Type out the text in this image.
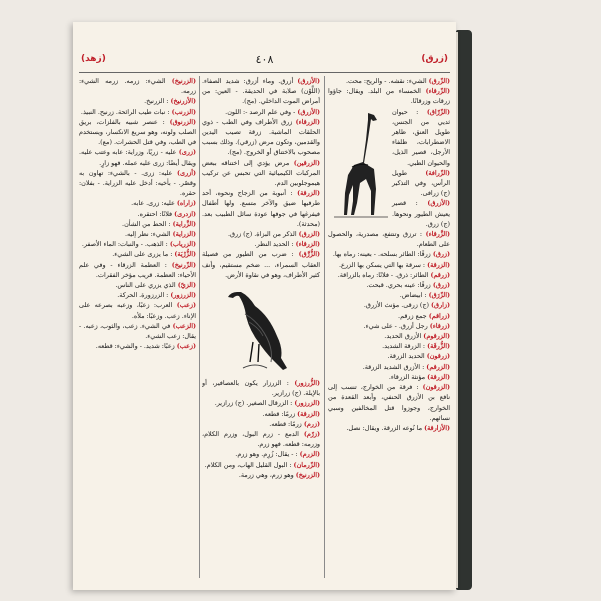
(زرق)
٤٠٨
(زهد)

(الزّرق) الشيء: نقشه. - والريح: محت.

(الزّرقاء) الخمساء من البلد. ويقال: جاؤوا زرقات وزرقانًا.

(الزّرّاق) : حيوان ثديي من الجنس، طويل العنق، ظاهر الاضطرابات، ظلفاء الأرجل، قصير الذيل، والحيوان الظبي.

(الزّرافة) طويل الرأس، وفي التذكير (ج) زرافى.

(الأزرق) : قصير يعيش الطيور ونحوها. (ج) زرق.

(الزَّرقاء) : ترزق وتنتفع، مصدرية، والحصول على الطعام.

(زرق) زرقًا: الطائر بسلحه. - بعينه: رماه بها.

(الزرقة) : سرقة بها التي يسكن بها الزرع.

(زرقم) الطائر: ذرق. - فلانًا: رماه بالزراقة.

(زرق) زرقًا: عينه بحري. قبحت.

(الزّرَق) : ابيضاض.

(زارق) (ج) زرقى. مؤنث الأزرق.

(زراقم) جمع زرقم.

(زرقاء) رجل أزرق. - على شيء.

(الزرقوم) الأزرق الحديد.

(الزُّرقَة) : الزرقة الشديد.

(زرقون) الحديد الزرقة.

(الزرقم) : الأزرق الشديد الزرقة.

(الزرقة) مؤنثة الزرقاء.

(الزرقون) : فرقة من الخوارج، تنسب إلى نافع بن الأزرق الحنفي، وأبعد القعدة من الخوارج، وجوزوا قتل المخالفين وسبي نسائهم.

(الأزارقة) ما نُوعه الزرقة. ويقال: نصل.

(الأزرق) أزرق. وماء أزرق: شديد الصفاء. (اللَّوْن) صلابة في الحديقة. - العين: من أمراض الموت الداخلي. (مج).

(الأزرق) - وفي علم الرصد -: اللون.

(الزرقاء) زرق الأطراف وفي الطب - ذوي الحلقات الماشية. زرقة تصيب اليدين والقدمين، وتكون مرض (زرقي). وذلك بسبب مصحوب بالاختناق أو الخروج. (مج).

(الزرقين) مرض يؤدي إلى اختناقه ببعض المركبات الكيميائية التي تحبس عن تركيب هيموجلوبين الدم.

(الزرقة) : أنبوبة من الزجاج ونحوه، أحد طرفيها ضيق والآخر متسع. ولها أطفال فيفرغها في جوفها عودة سائل الطبيب بعد. (محدثة).

(الزرق) الذكر من البزاة. (ج) زرق.

(الزرقاء) : الحديد النظر.

(الزُّرَّق) : ضرب من الطيور من فصيلة العقاب السمراء، ... ضخم مستقيم، وأنف كثير الأطراف، وهو في نقاوة الأرض.

(الزُّرزور) : الزرزار يكون بالعصافير، أو بالإيلة. (ج) زرازير.

(الزرزور) : الزرقال الصغير. (ج) زرازير.

(الزرقة) زرمًا: قطعه.

(زرم) زرمًا: قطعه.

(زرّم) الدمع - زرم البول، وزرم الكلام، وزرمه: قطعه. فهو زرم.

(الزرم) : - يقال: زُرِم. وهو زرم.

(الزّرمان) : البول القليل الهاب، ومن الكلام.

(الزرنيخ) وهو زرم، وهي زرمة.

(الزرنيخ) الشيء: زرمه. زرمه الشيء: زرمه.

(الأزرنيخ) : الزرنيخ.

(الزرنب) : نبات طيب الرائحة. زرنيح. النبيذ.

(الزرنوق) : عنصر شبيه بالفلزات، بريق الصلب ولونه، وهو سريع الانكسار، ويستخدم في الطب، وفي قتل الحشرات. (مع).

(زرى) عليه - زريًا، وزراية: عابه وعتب عليه. ويقال أيضًا: زرى عليه عمله. فهو زارٍ.

(أزرى) عليه: زرى. - بالشيء: تهاون به وقصّر. - بأخيه: أدخل عليه الزراية. - بفلان: حقره.

(زاراه) عليه: زرى. عابه.

(ازدرى) فلانًا: احتقره.

(الزَّراية) : الحط من الشأن.

(الزراية) الشيء: نظر إليه.

(الزرياب) : الذهب. - والنبات: الماء الأصفر.

(الزُّرْيَة) : ما يزرى على الشيء.

(الزّرنيخ) : العظمة الزرقاء - وفي علم الأحياء: العظمة. قريب مؤخر الفقرات.

(الزيّ) الذي يزري على الناس.

(الزرزور) : الزرزورة. الحركة.

(زعب) العرب: زعبًا، وزعبه بصرعه على الإناء. زعب. وزعبًا: ملأه.

(الزعب) في الشيء. زعب، والثوب، زعبه. - يقال: زعب الشيء.

(زعب) زعبًا: شديد. - والشيء: قطعه.
